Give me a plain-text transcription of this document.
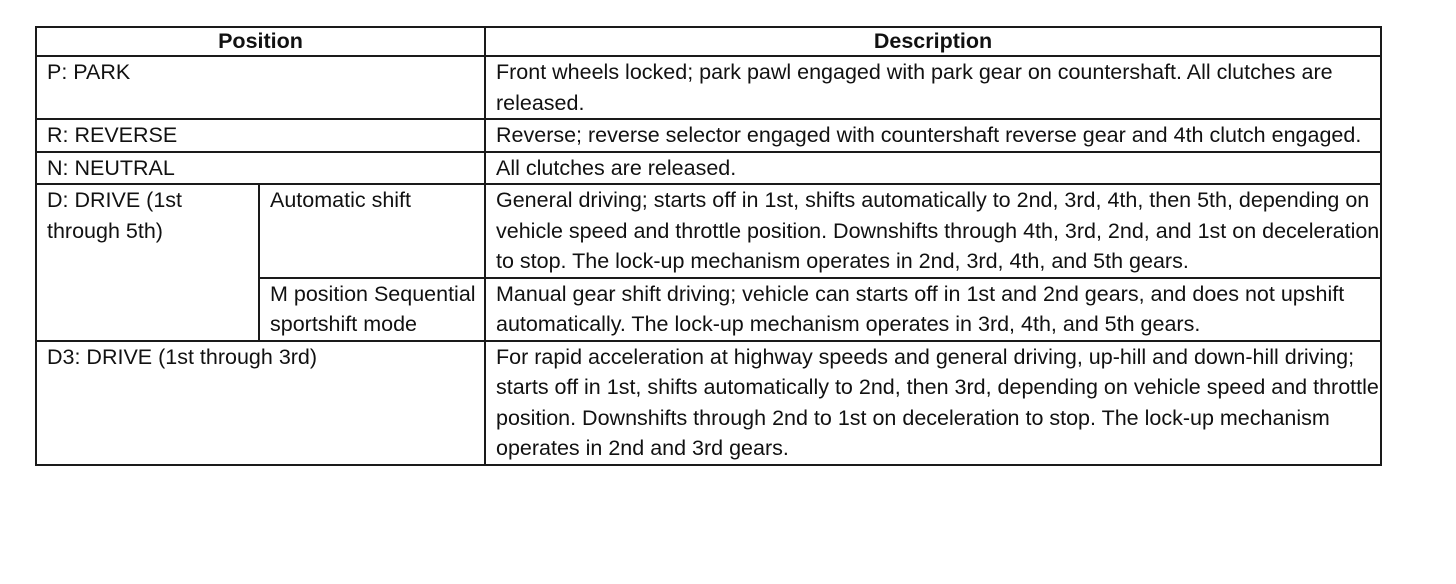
Position		Description
P: PARK		Front wheels locked; park pawl engaged with park gear on countershaft. All clutches are released.
R: REVERSE		Reverse; reverse selector engaged with countershaft reverse gear and 4th clutch engaged.
N: NEUTRAL		All clutches are released.
D: DRIVE (1st through 5th)	Automatic shift	General driving; starts off in 1st, shifts automatically to 2nd, 3rd, 4th, then 5th, depending on vehicle speed and throttle position. Downshifts through 4th, 3rd, 2nd, and 1st on deceleration to stop. The lock-up mechanism operates in 2nd, 3rd, 4th, and 5th gears.
	M position Sequential sportshift mode	Manual gear shift driving; vehicle can starts off in 1st and 2nd gears, and does not upshift automatically. The lock-up mechanism operates in 3rd, 4th, and 5th gears.
D3: DRIVE (1st through 3rd)		For rapid acceleration at highway speeds and general driving, up-hill and down-hill driving; starts off in 1st, shifts automatically to 2nd, then 3rd, depending on vehicle speed and throttle position. Downshifts through 2nd to 1st on deceleration to stop. The lock-up mechanism operates in 2nd and 3rd gears.
